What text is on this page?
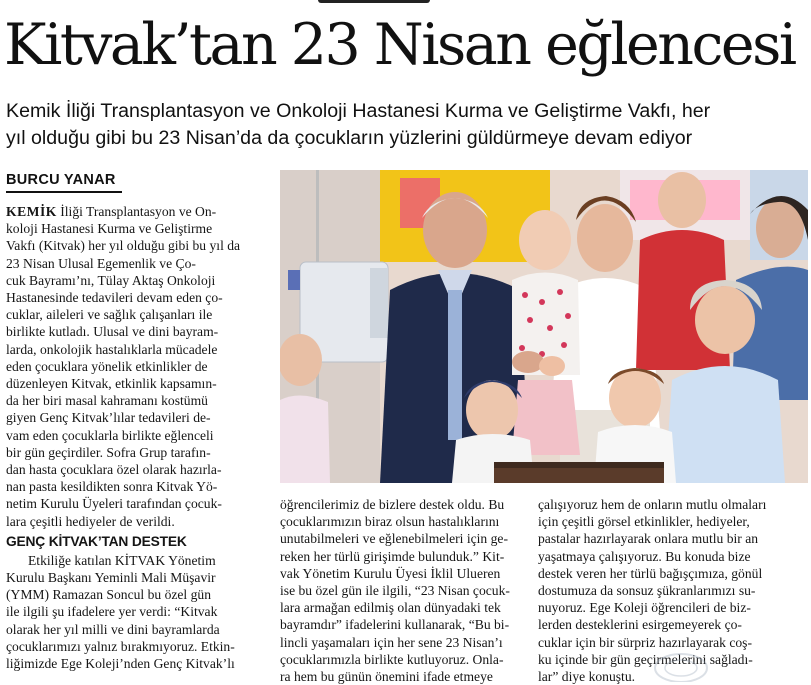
Kitvak’tan 23 Nisan eğlencesi
Kemik İliği Transplantasyon ve Onkoloji Hastanesi Kurma ve Geliştirme Vakfı, her
yıl olduğu gibi bu 23 Nisan’da da çocukların yüzlerini güldürmeye devam ediyor
BURCU YANAR
KEMİK İliği Transplantasyon ve On-
koloji Hastanesi Kurma ve Geliştirme
Vakfı (Kitvak) her yıl olduğu gibi bu yıl da
23 Nisan Ulusal Egemenlik ve Ço-
cuk Bayramı’nı, Tülay Aktaş Onkoloji
Hastanesinde tedavileri devam eden ço-
cuklar, aileleri ve sağlık çalışanları ile
birlikte kutladı. Ulusal ve dini bayram-
larda, onkolojik hastalıklarla mücadele
eden çocuklara yönelik etkinlikler de
düzenleyen Kitvak, etkinlik kapsamın-
da her biri masal kahramanı kostümü
giyen Genç Kitvak’lılar tedavileri de-
vam eden çocuklarla birlikte eğlenceli
bir gün geçirdiler. Sofra Grup tarafın-
dan hasta çocuklara özel olarak hazırla-
nan pasta kesildikten sonra Kitvak Yö-
netim Kurulu Üyeleri tarafından çocuk-
lara çeşitli hediyeler de verildi.
GENÇ KİTVAK’TAN DESTEK
Etkiliğe katılan KİTVAK Yönetim
Kurulu Başkanı Yeminli Mali Müşavir
(YMM) Ramazan Soncul bu özel gün
ile ilgili şu ifadelere yer verdi: “Kitvak
olarak her yıl milli ve dini bayramlarda
çocuklarımızı yalnız bırakmıyoruz. Etkin-
liğimizde Ege Koleji’nden Genç Kitvak’lı
öğrencilerimiz de bizlere destek oldu. Bu
çocuklarımızın biraz olsun hastalıklarını
unutabilmeleri ve eğlenebilmeleri için ge-
reken her türlü girişimde bulunduk.” Kit-
vak Yönetim Kurulu Üyesi İklil Ulueren
ise bu özel gün ile ilgili, “23 Nisan çocuk-
lara armağan edilmiş olan dünyadaki tek
bayramdır” ifadelerini kullanarak, “Bu bi-
lincli yaşamaları için her sene 23 Nisan’ı
çocuklarımızla birlikte kutluyoruz. Onla-
ra hem bu günün önemini ifade etmeye
çalışıyoruz hem de onların mutlu olmaları
için çeşitli görsel etkinlikler, hediyeler,
pastalar hazırlayarak onlara mutlu bir an
yaşatmaya çalışıyoruz. Bu konuda bize
destek veren her türlü bağışçımıza, gönül
dostumuza da sonsuz şükranlarımızı su-
nuyoruz. Ege Koleji öğrencileri de biz-
lerden desteklerini esirgemeyerek ço-
cuklar için bir sürpriz hazırlayarak coş-
ku içinde bir gün geçirmelerini sağladı-
lar” diye konuştu.
